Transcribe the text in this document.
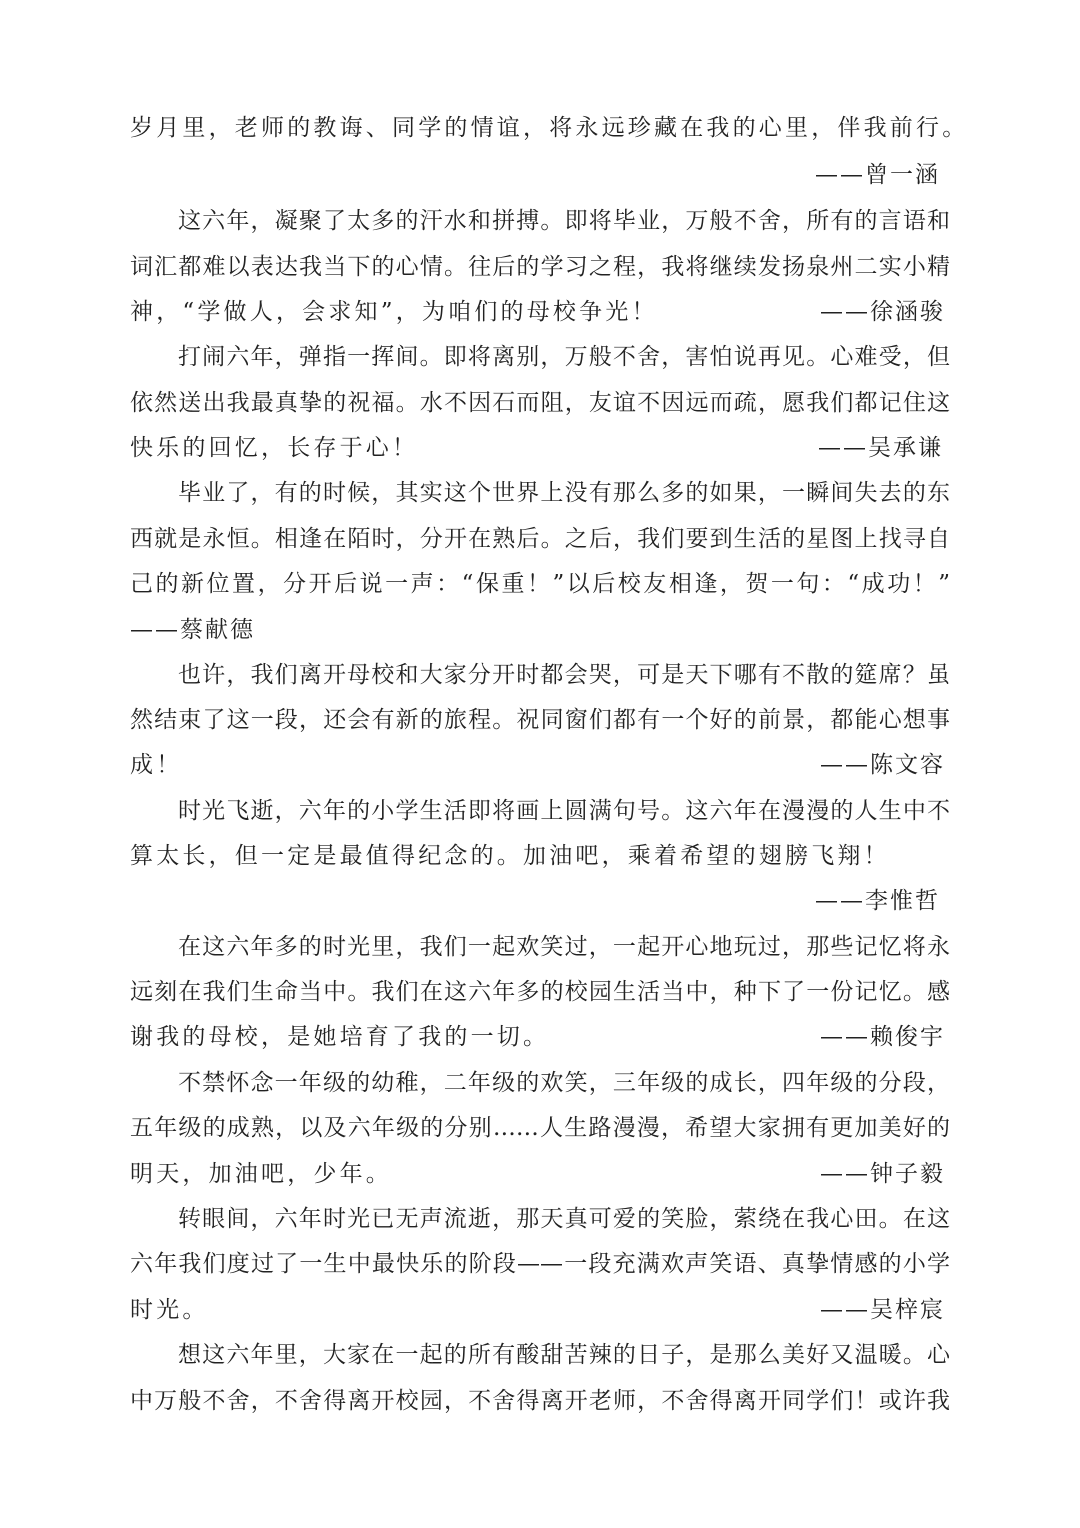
岁月里，老师的教诲、同学的情谊，将永远珍藏在我的心里，伴我前行。
——曾一涵
这六年，凝聚了太多的汗水和拼搏。即将毕业，万般不舍，所有的言语和
词汇都难以表达我当下的心情。往后的学习之程，我将继续发扬泉州二实小精
神，“学做人，会求知”，为咱们的母校争光！	——徐涵骏
打闹六年，弹指一挥间。即将离别，万般不舍，害怕说再见。心难受，但
依然送出我最真挚的祝福。水不因石而阻，友谊不因远而疏，愿我们都记住这
快乐的回忆，长存于心！	——吴承谦
毕业了，有的时候，其实这个世界上没有那么多的如果，一瞬间失去的东
西就是永恒。相逢在陌时，分开在熟后。之后，我们要到生活的星图上找寻自
己的新位置，分开后说一声：“保重！”以后校友相逢，贺一句：“成功！”
——蔡献德
也许，我们离开母校和大家分开时都会哭，可是天下哪有不散的筵席？虽
然结束了这一段，还会有新的旅程。祝同窗们都有一个好的前景，都能心想事
成！	——陈文容
时光飞逝，六年的小学生活即将画上圆满句号。这六年在漫漫的人生中不
算太长，但一定是最值得纪念的。加油吧，乘着希望的翅膀飞翔！
——李惟哲
在这六年多的时光里，我们一起欢笑过，一起开心地玩过，那些记忆将永
远刻在我们生命当中。我们在这六年多的校园生活当中，种下了一份记忆。感
谢我的母校，是她培育了我的一切。	——赖俊宇
不禁怀念一年级的幼稚，二年级的欢笑，三年级的成长，四年级的分段，
五年级的成熟，以及六年级的分别……人生路漫漫，希望大家拥有更加美好的
明天，加油吧，少年。	——钟子毅
转眼间，六年时光已无声流逝，那天真可爱的笑脸，萦绕在我心田。在这
六年我们度过了一生中最快乐的阶段——一段充满欢声笑语、真挚情感的小学
时光。	——吴梓宸
想这六年里，大家在一起的所有酸甜苦辣的日子，是那么美好又温暖。心
中万般不舍，不舍得离开校园，不舍得离开老师，不舍得离开同学们！或许我
